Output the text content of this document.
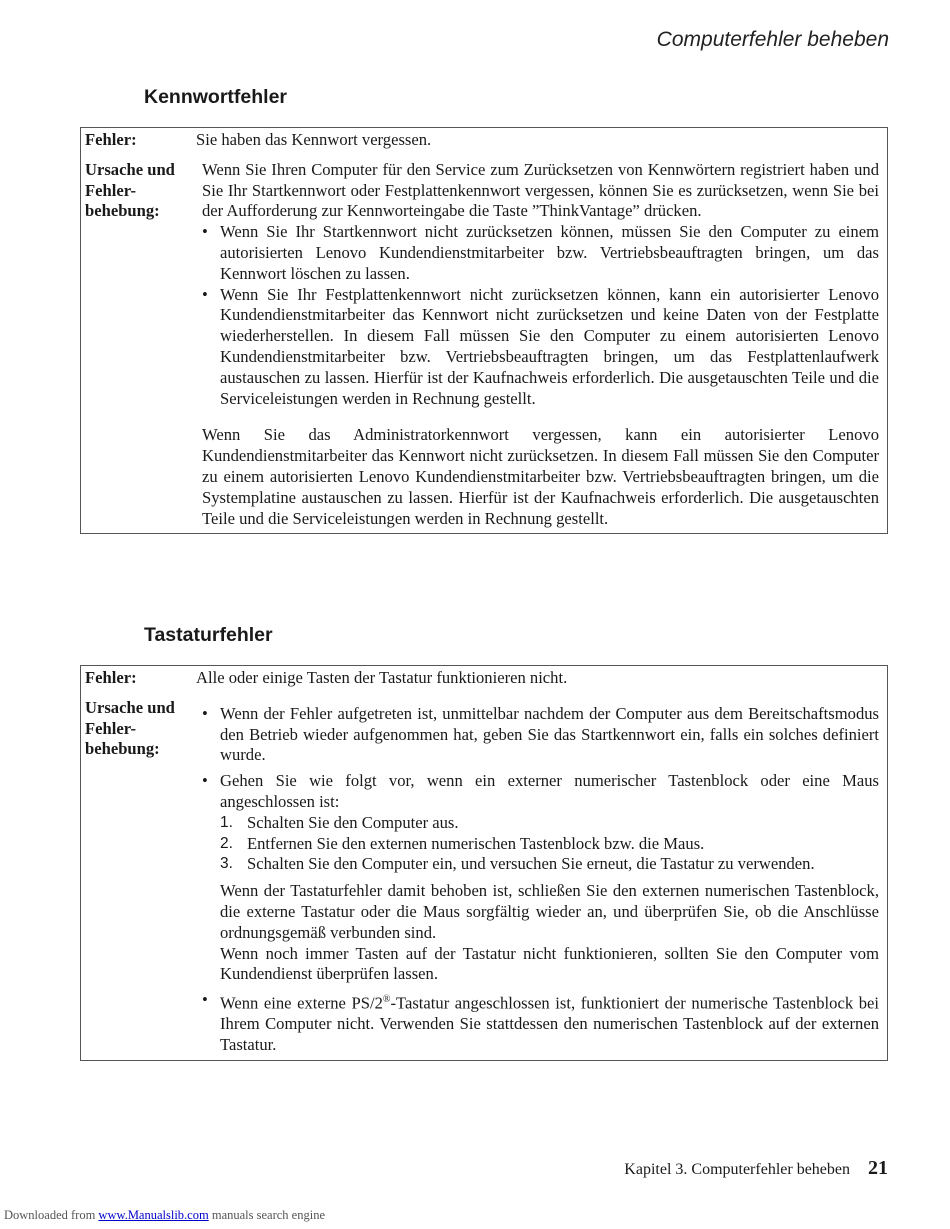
Computerfehler beheben
Kennwortfehler
Fehler:	Sie haben das Kennwort vergessen.
Ursache und Fehler-behebung:

Wenn Sie Ihren Computer für den Service zum Zurücksetzen von Kennwörtern registriert haben und Sie Ihr Startkennwort oder Festplattenkennwort vergessen, können Sie es zurücksetzen, wenn Sie bei der Aufforderung zur Kennworteingabe die Taste ”ThinkVantage” drücken.

• Wenn Sie Ihr Startkennwort nicht zurücksetzen können, müssen Sie den Computer zu einem autorisierten Lenovo Kundendienstmitarbeiter bzw. Vertriebsbeauftragten bringen, um das Kennwort löschen zu lassen.
• Wenn Sie Ihr Festplattenkennwort nicht zurücksetzen können, kann ein autorisierter Lenovo Kundendienstmitarbeiter das Kennwort nicht zurücksetzen und keine Daten von der Festplatte wiederherstellen. In diesem Fall müssen Sie den Computer zu einem autorisierten Lenovo Kundendienstmitarbeiter bzw. Vertriebsbeauftragten bringen, um das Festplattenlaufwerk austauschen zu lassen. Hierfür ist der Kaufnachweis erforderlich. Die ausgetauschten Teile und die Serviceleistungen werden in Rechnung gestellt.

Wenn Sie das Administratorkennwort vergessen, kann ein autorisierter Lenovo Kundendienstmitarbeiter das Kennwort nicht zurücksetzen. In diesem Fall müssen Sie den Computer zu einem autorisierten Lenovo Kundendienstmitarbeiter bzw. Vertriebsbeauftragten bringen, um die Systemplatine austauschen zu lassen. Hierfür ist der Kaufnachweis erforderlich. Die ausgetauschten Teile und die Serviceleistungen werden in Rechnung gestellt.

Tastaturfehler
Fehler:	Alle oder einige Tasten der Tastatur funktionieren nicht.
Ursache und Fehler-behebung:
• Wenn der Fehler aufgetreten ist, unmittelbar nachdem der Computer aus dem Bereitschaftsmodus den Betrieb wieder aufgenommen hat, geben Sie das Startkennwort ein, falls ein solches definiert wurde.
• Gehen Sie wie folgt vor, wenn ein externer numerischer Tastenblock oder eine Maus angeschlossen ist:
1. Schalten Sie den Computer aus.
2. Entfernen Sie den externen numerischen Tastenblock bzw. die Maus.
3. Schalten Sie den Computer ein, und versuchen Sie erneut, die Tastatur zu verwenden.
Wenn der Tastaturfehler damit behoben ist, schließen Sie den externen numerischen Tastenblock, die externe Tastatur oder die Maus sorgfältig wieder an, und überprüfen Sie, ob die Anschlüsse ordnungsgemäß verbunden sind.
Wenn noch immer Tasten auf der Tastatur nicht funktionieren, sollten Sie den Computer vom Kundendienst überprüfen lassen.
• Wenn eine externe PS/2®-Tastatur angeschlossen ist, funktioniert der numerische Tastenblock bei Ihrem Computer nicht. Verwenden Sie stattdessen den numerischen Tastenblock auf der externen Tastatur.
Kapitel 3. Computerfehler beheben 21
Downloaded from www.Manualslib.com manuals search engine
